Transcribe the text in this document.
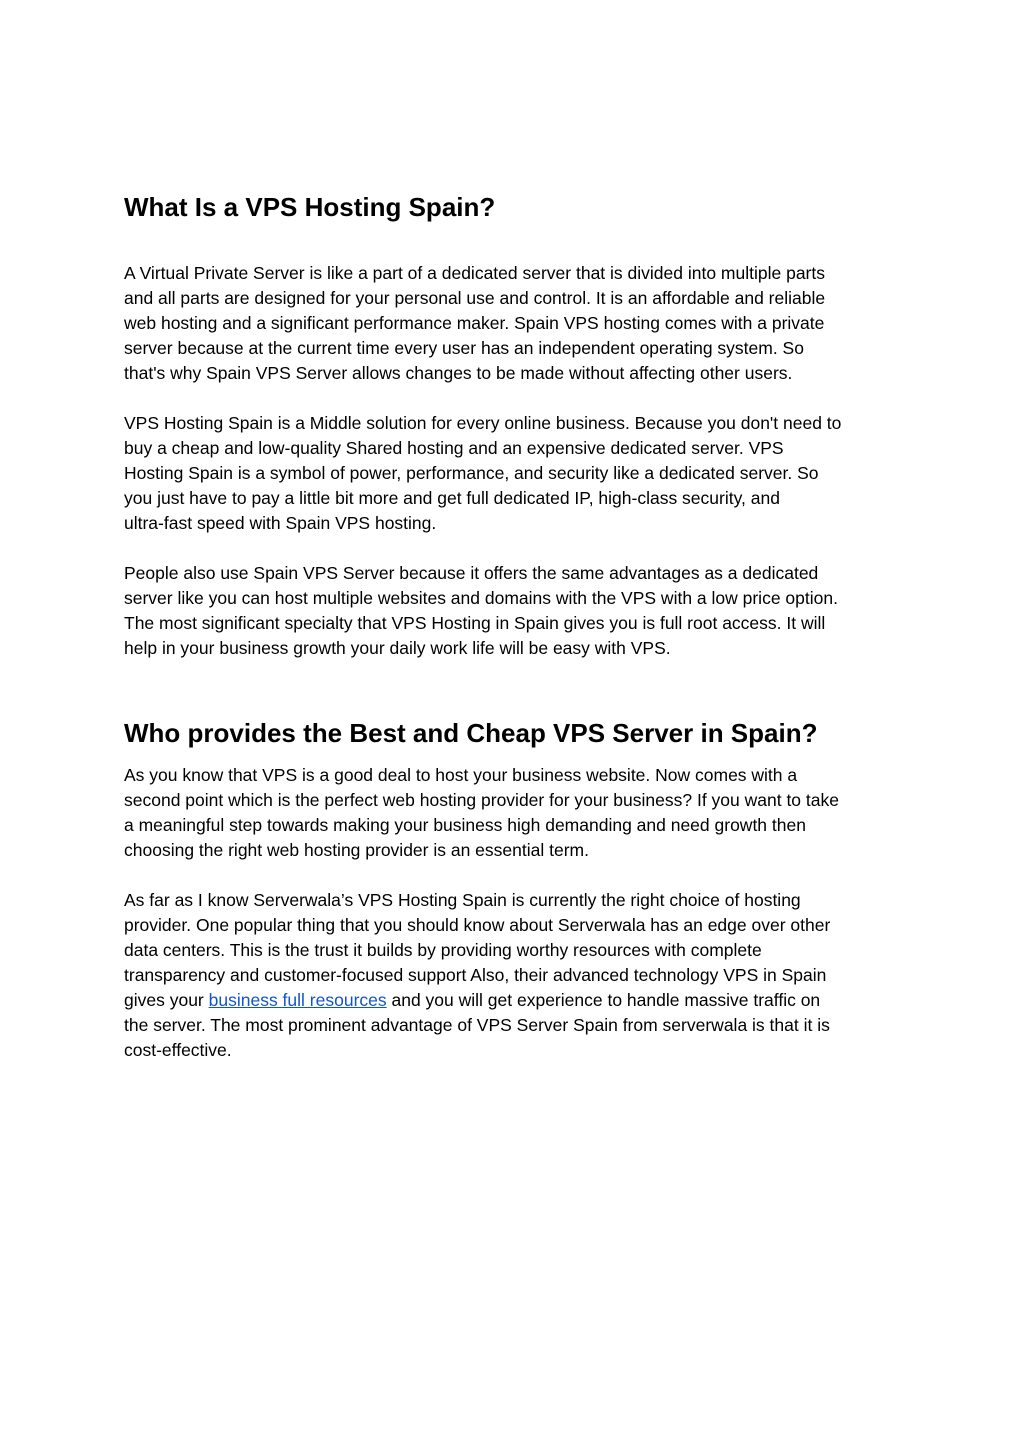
What Is a VPS Hosting Spain?

A Virtual Private Server is like a part of a dedicated server that is divided into multiple parts
and all parts are designed for your personal use and control. It is an affordable and reliable
web hosting and a significant performance maker. Spain VPS hosting comes with a private
server because at the current time every user has an independent operating system. So
that's why Spain VPS Server allows changes to be made without affecting other users.

VPS Hosting Spain is a Middle solution for every online business. Because you don't need to
buy a cheap and low-quality Shared hosting and an expensive dedicated server. VPS
Hosting Spain is a symbol of power, performance, and security like a dedicated server. So
you just have to pay a little bit more and get full dedicated IP, high-class security, and
ultra-fast speed with Spain VPS hosting.

People also use Spain VPS Server because it offers the same advantages as a dedicated
server like you can host multiple websites and domains with the VPS with a low price option.
The most significant specialty that VPS Hosting in Spain gives you is full root access. It will
help in your business growth your daily work life will be easy with VPS.

Who provides the Best and Cheap VPS Server in Spain?

As you know that VPS is a good deal to host your business website. Now comes with a
second point which is the perfect web hosting provider for your business? If you want to take
a meaningful step towards making your business high demanding and need growth then
choosing the right web hosting provider is an essential term.

As far as I know Serverwala’s VPS Hosting Spain is currently the right choice of hosting
provider. One popular thing that you should know about Serverwala has an edge over other
data centers. This is the trust it builds by providing worthy resources with complete
transparency and customer-focused support Also, their advanced technology VPS in Spain
gives your business full resources and you will get experience to handle massive traffic on
the server. The most prominent advantage of VPS Server Spain from serverwala is that it is
cost-effective.
